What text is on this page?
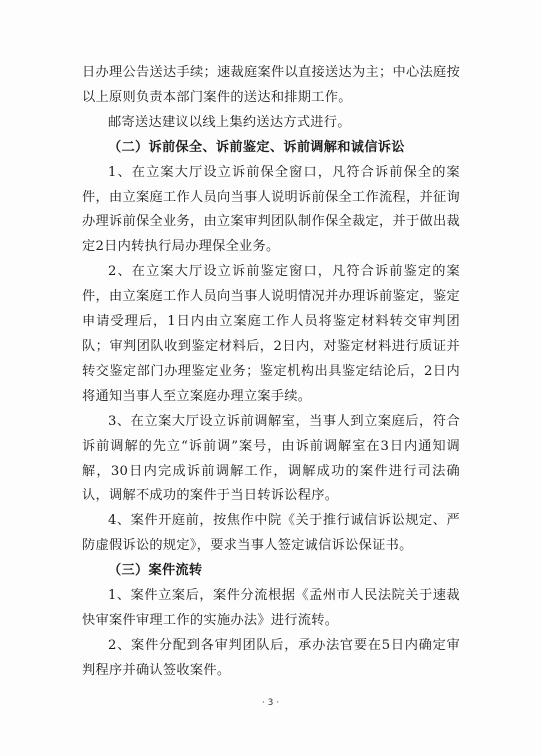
日办理公告送达手续；速裁庭案件以直接送达为主；中心法庭按以上原则负责本部门案件的送达和排期工作。

邮寄送达建议以线上集约送达方式进行。

（二）诉前保全、诉前鉴定、诉前调解和诚信诉讼

1、在立案大厅设立诉前保全窗口，凡符合诉前保全的案件，由立案庭工作人员向当事人说明诉前保全工作流程，并征询办理诉前保全业务，由立案审判团队制作保全裁定，并于做出裁定2日内转执行局办理保全业务。

2、在立案大厅设立诉前鉴定窗口，凡符合诉前鉴定的案件，由立案庭工作人员向当事人说明情况并办理诉前鉴定，鉴定申请受理后，1日内由立案庭工作人员将鉴定材料转交审判团队；审判团队收到鉴定材料后，2日内，对鉴定材料进行质证并转交鉴定部门办理鉴定业务；鉴定机构出具鉴定结论后，2日内将通知当事人至立案庭办理立案手续。

3、在立案大厅设立诉前调解室，当事人到立案庭后，符合诉前调解的先立“诉前调”案号，由诉前调解室在3日内通知调解，30日内完成诉前调解工作，调解成功的案件进行司法确认，调解不成功的案件于当日转诉讼程序。

4、案件开庭前，按焦作中院《关于推行诚信诉讼规定、严防虚假诉讼的规定》，要求当事人签定诚信诉讼保证书。

（三）案件流转

1、案件立案后，案件分流根据《孟州市人民法院关于速裁快审案件审理工作的实施办法》进行流转。

2、案件分配到各审判团队后，承办法官要在5日内确定审判程序并确认签收案件。

· 3 ·
